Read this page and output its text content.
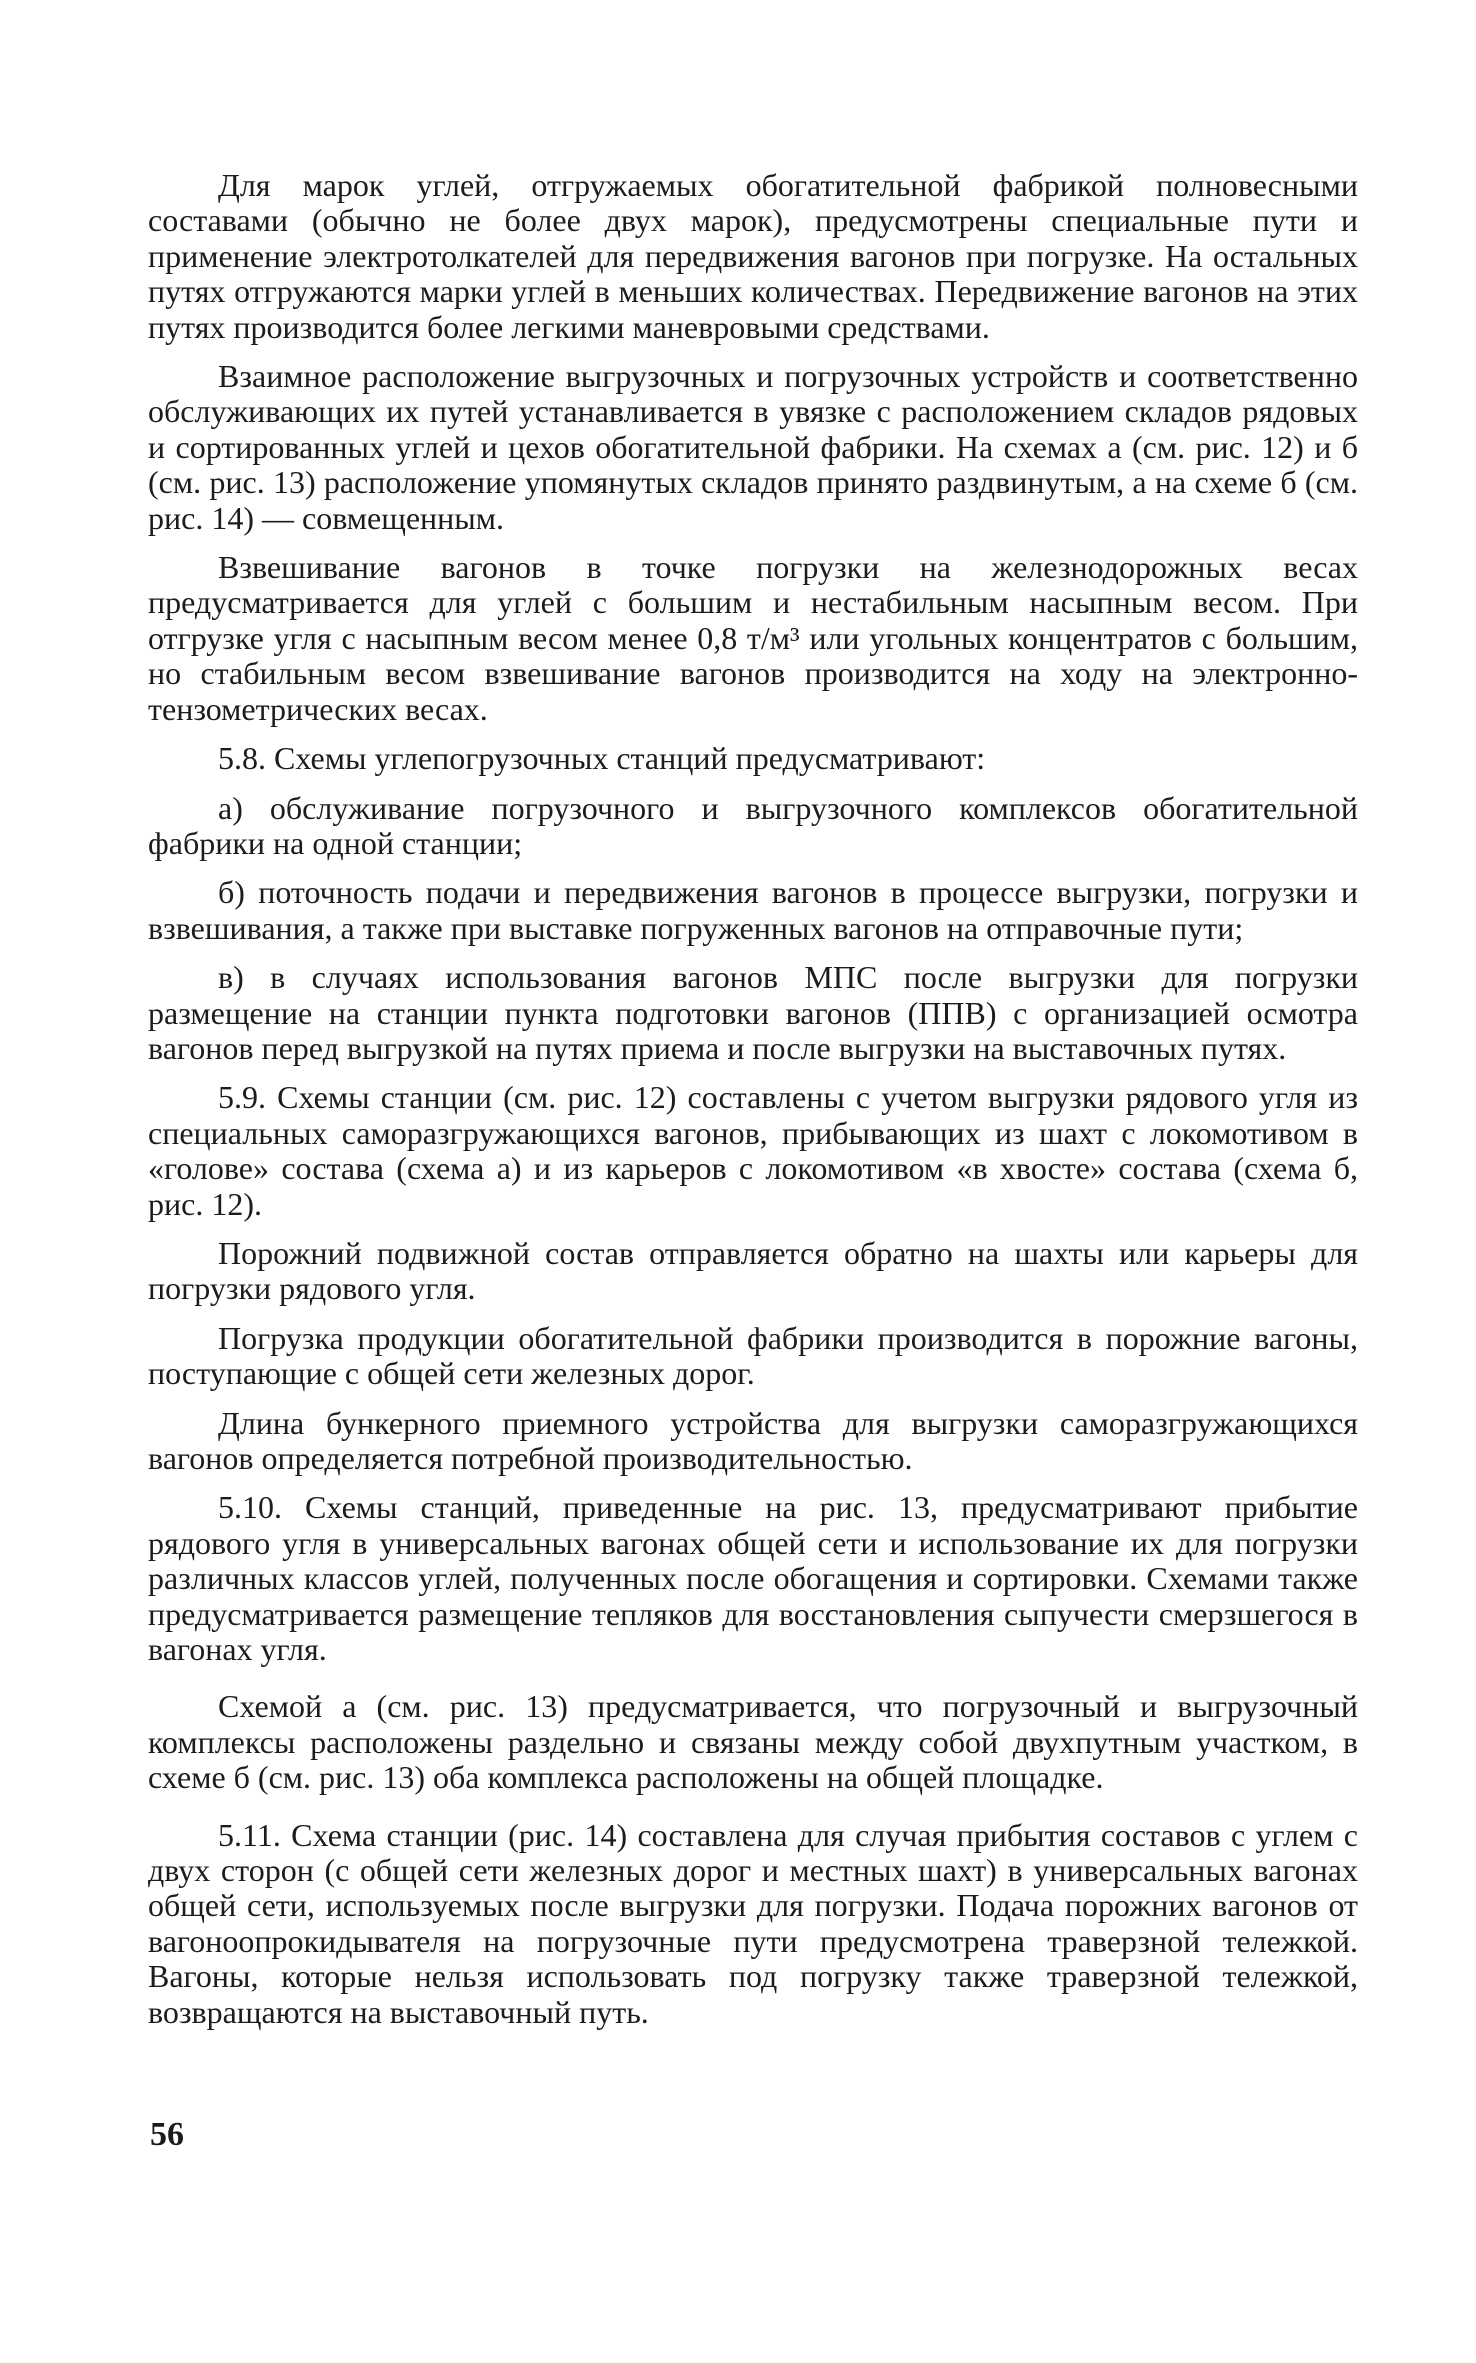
Для марок углей, отгружаемых обогатительной фабрикой полновесными составами (обычно не более двух марок), предусмотрены специальные пути и применение электротолкателей для передвижения вагонов при погрузке. На остальных путях отгружаются марки углей в меньших количествах. Передвижение вагонов на этих путях производится более легкими маневровыми средствами.

Взаимное расположение выгрузочных и погрузочных устройств и соответственно обслуживающих их путей устанавливается в увязке с расположением складов рядовых и сортированных углей и цехов обогатительной фабрики. На схемах а (см. рис. 12) и б (см. рис. 13) расположение упомянутых складов принято раздвинутым, а на схеме б (см. рис. 14) — совмещенным.

Взвешивание вагонов в точке погрузки на железнодорожных весах предусматривается для углей с большим и нестабильным насыпным весом. При отгрузке угля с насыпным весом менее 0,8 т/м³ или угольных концентратов с большим, но стабильным весом взвешивание вагонов производится на ходу на электронно-тензометрических весах.

5.8. Схемы углепогрузочных станций предусматривают:

а) обслуживание погрузочного и выгрузочного комплексов обогатительной фабрики на одной станции;

б) поточность подачи и передвижения вагонов в процессе выгрузки, погрузки и взвешивания, а также при выставке погруженных вагонов на отправочные пути;

в) в случаях использования вагонов МПС после выгрузки для погрузки размещение на станции пункта подготовки вагонов (ППВ) с организацией осмотра вагонов перед выгрузкой на путях приема и после выгрузки на выставочных путях.

5.9. Схемы станции (см. рис. 12) составлены с учетом выгрузки рядового угля из специальных саморазгружающихся вагонов, прибывающих из шахт с локомотивом в «голове» состава (схема а) и из карьеров с локомотивом «в хвосте» состава (схема б, рис. 12).

Порожний подвижной состав отправляется обратно на шахты или карьеры для погрузки рядового угля.

Погрузка продукции обогатительной фабрики производится в порожние вагоны, поступающие с общей сети железных дорог.

Длина бункерного приемного устройства для выгрузки саморазгружающихся вагонов определяется потребной производительностью.

5.10. Схемы станций, приведенные на рис. 13, предусматривают прибытие рядового угля в универсальных вагонах общей сети и использование их для погрузки различных классов углей, полученных после обогащения и сортировки. Схемами также предусматривается размещение тепляков для восстановления сыпучести смерзшегося в вагонах угля.

Схемой а (см. рис. 13) предусматривается, что погрузочный и выгрузочный комплексы расположены раздельно и связаны между собой двухпутным участком, в схеме б (см. рис. 13) оба комплекса расположены на общей площадке.

5.11. Схема станции (рис. 14) составлена для случая прибытия составов с углем с двух сторон (с общей сети железных дорог и местных шахт) в универсальных вагонах общей сети, используемых после выгрузки для погрузки. Подача порожних вагонов от вагоноопрокидывателя на погрузочные пути предусмотрена траверзной тележкой. Вагоны, которые нельзя использовать под погрузку также траверзной тележкой, возвращаются на выставочный путь.

56
